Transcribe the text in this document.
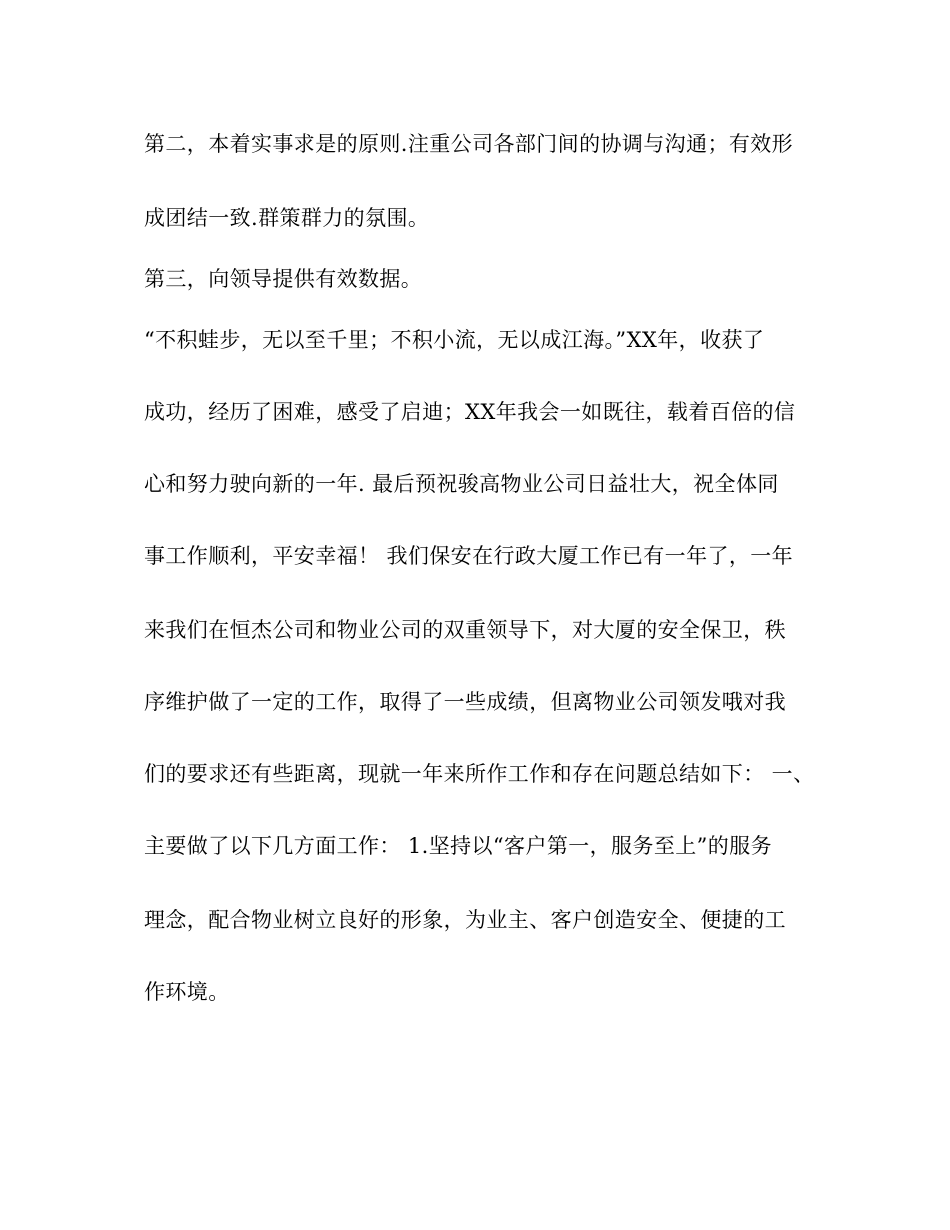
第二，本着实事求是的原则.注重公司各部门间的协调与沟通；有效形
成团结一致.群策群力的氛围。
第三，向领导提供有效数据。
“不积蛙步，无以至千里；不积小流，无以成江海。”XX年，收获了
成功，经历了困难，感受了启迪；XX年我会一如既往，载着百倍的信
心和努力驶向新的一年. 最后预祝骏高物业公司日益壮大，祝全体同
事工作顺利，平安幸福！ 我们保安在行政大厦工作已有一年了，一年
来我们在恒杰公司和物业公司的双重领导下，对大厦的安全保卫，秩
序维护做了一定的工作，取得了一些成绩，但离物业公司领发哦对我
们的要求还有些距离，现就一年来所作工作和存在问题总结如下： 一、
主要做了以下几方面工作： 1.坚持以“客户第一，服务至上”的服务
理念，配合物业树立良好的形象，为业主、客户创造安全、便捷的工
作环境。
